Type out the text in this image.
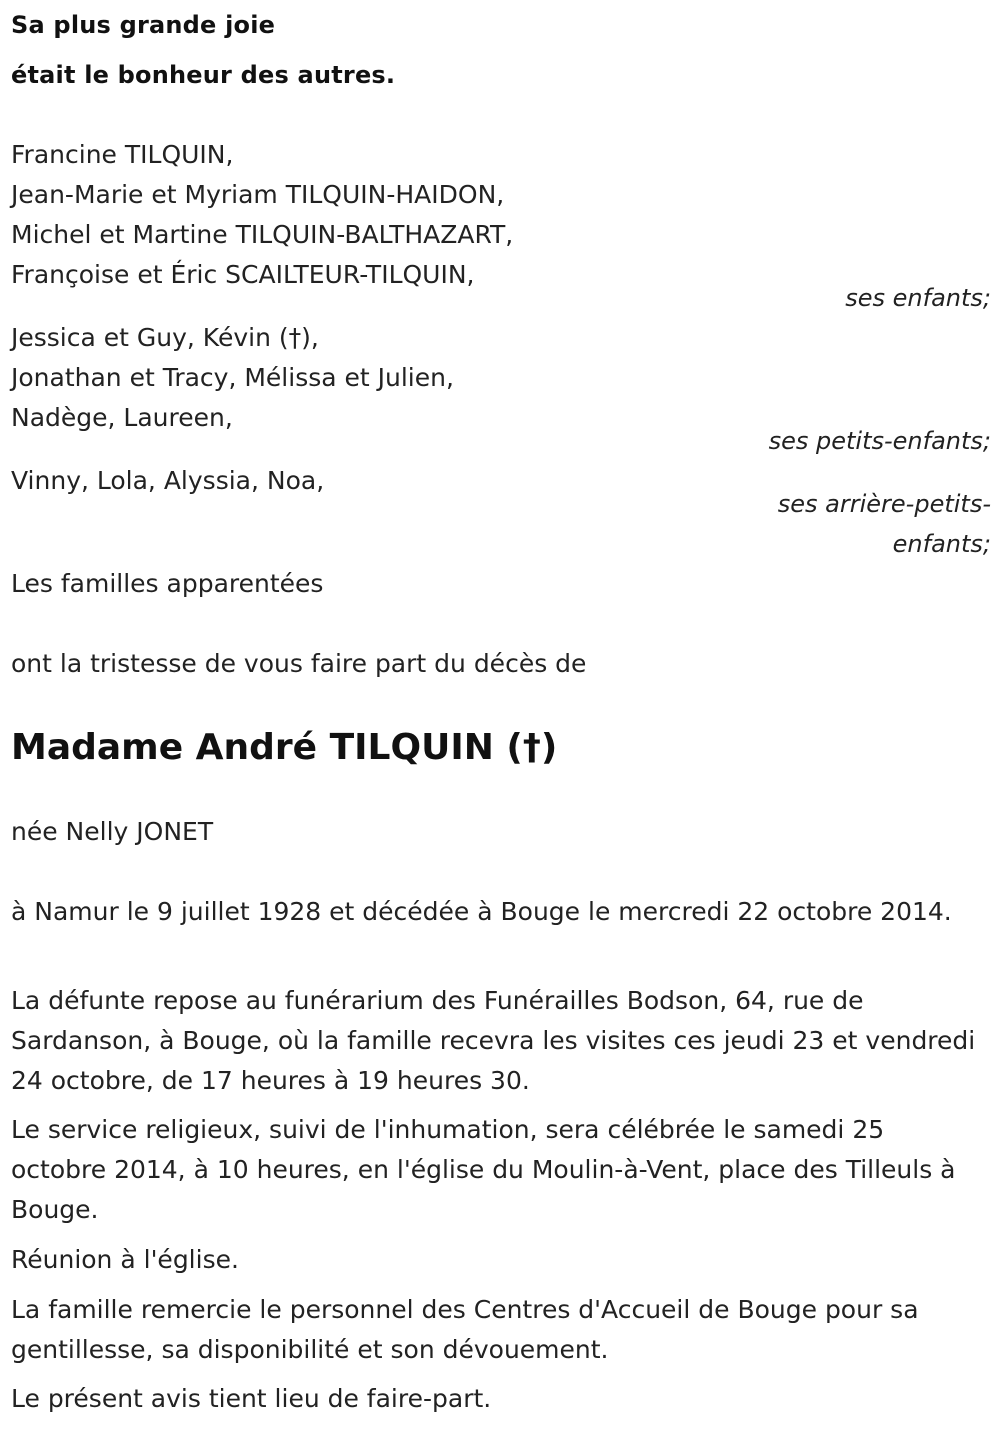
Sa plus grande joie

était le bonheur des autres.

Francine TILQUIN,

Jean-Marie et Myriam TILQUIN-HAIDON,

Michel et Martine TILQUIN-BALTHAZART,

Françoise et Éric SCAILTEUR-TILQUIN,

ses enfants;

Jessica et Guy, Kévin (†),

Jonathan et Tracy, Mélissa et Julien,

Nadège, Laureen,

ses petits-enfants;

Vinny, Lola, Alyssia, Noa,

ses arrière-petits-

enfants;

Les familles apparentées

ont la tristesse de vous faire part du décès de

Madame André TILQUIN (†)

née Nelly JONET

à Namur le 9 juillet 1928 et décédée à Bouge le mercredi 22 octobre 2014.

La défunte repose au funérarium des Funérailles Bodson, 64, rue de Sardanson, à Bouge, où la famille recevra les visites ces jeudi 23 et vendredi 24 octobre, de 17 heures à 19 heures 30.

Le service religieux, suivi de l'inhumation, sera célébrée le samedi 25 octobre 2014, à 10 heures, en l'église du Moulin-à-Vent, place des Tilleuls à Bouge.

Réunion à l'église.

La famille remercie le personnel des Centres d'Accueil de Bouge pour sa gentillesse, sa disponibilité et son dévouement.

Le présent avis tient lieu de faire-part.
